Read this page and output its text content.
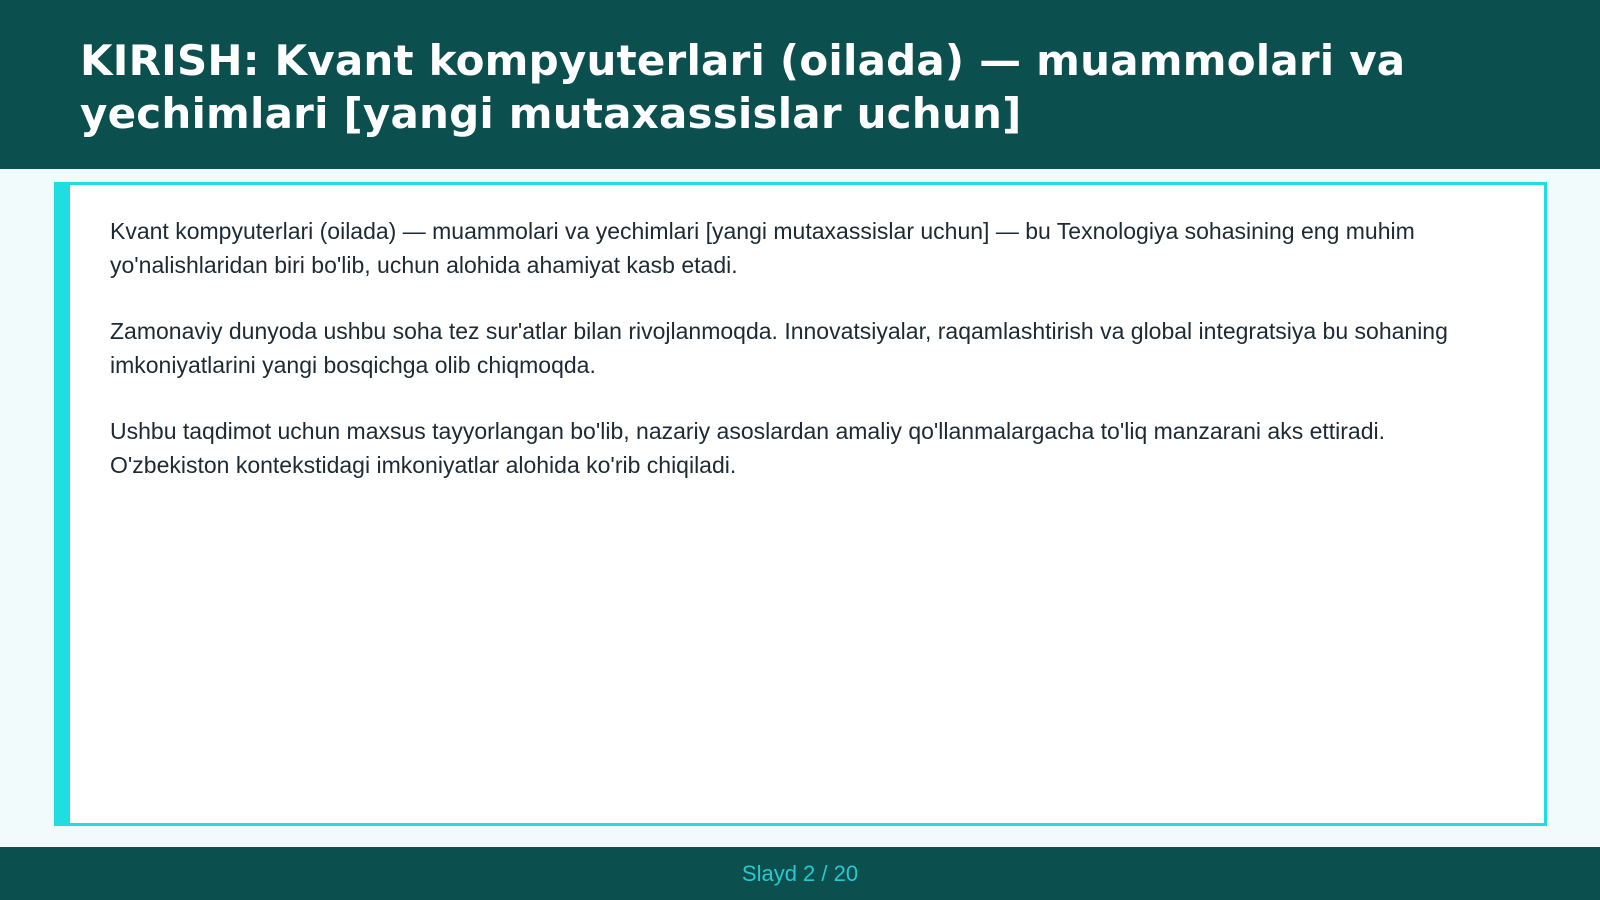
KIRISH: Kvant kompyuterlari (oilada) — muammolari va yechimlari [yangi mutaxassislar uchun]

Kvant kompyuterlari (oilada) — muammolari va yechimlari [yangi mutaxassislar uchun] — bu Texnologiya sohasining eng muhim yo'nalishlaridan biri bo'lib, uchun alohida ahamiyat kasb etadi.

Zamonaviy dunyoda ushbu soha tez sur'atlar bilan rivojlanmoqda. Innovatsiyalar, raqamlashtirish va global integratsiya bu sohaning imkoniyatlarini yangi bosqichga olib chiqmoqda.

Ushbu taqdimot uchun maxsus tayyorlangan bo'lib, nazariy asoslardan amaliy qo'llanmalargacha to'liq manzarani aks ettiradi. O'zbekiston kontekstidagi imkoniyatlar alohida ko'rib chiqiladi.

Slayd 2 / 20
